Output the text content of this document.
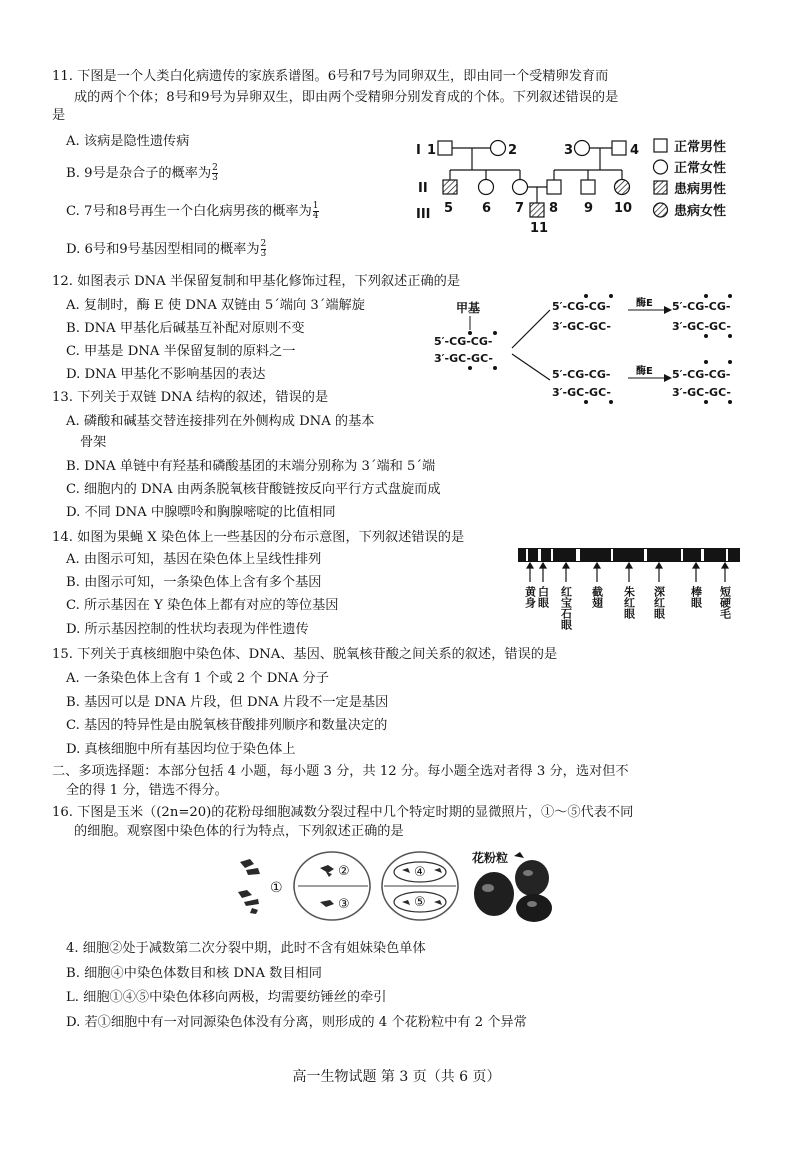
11. 下图是一个人类白化病遗传的家族系谱图。6号和7号为同卵双生，即由同一个受精卵发育而
成的两个个体；8号和9号为异卵双生，即由两个受精卵分别发育成的个体。下列叙述错误的是
是
A. 该病是隐性遗传病
B. 9号是杂合子的概率为 $\frac{2}{3}$
C. 7号和8号再生一个白化病男孩的概率为 $\frac{1}{4}$
D. 6号和9号基因型相同的概率为 $\frac{2}{3}$
I 1	2	3	4
II
5 6 7 8 9 10
III
11
正常男性
正常女性
患病男性
患病女性
12. 如图表示 DNA 半保留复制和甲基化修饰过程，下列叙述正确的是
A. 复制时，酶 E 使 DNA 双链由 5ˊ端向 3ˊ端解旋
B. DNA 甲基化后碱基互补配对原则不变
C. 甲基是 DNA 半保留复制的原料之一
D. DNA 甲基化不影响基因的表达
甲基
5′-CG-CG-
3′-GC-GC-
5′-CG-CG-
3′-GC-GC-
酶E 5′-CG-CG-
3′-GC-GC-
5′-CG-CG-
3′-GC-GC-
酶E 5′-CG-CG-
3′-GC-GC-
13. 下列关于双链 DNA 结构的叙述，错误的是
A. 磷酸和碱基交替连接排列在外侧构成 DNA 的基本
骨架
B. DNA 单链中有羟基和磷酸基团的末端分别称为 3ˊ端和 5ˊ端
C. 细胞内的 DNA 由两条脱氧核苷酸链按反向平行方式盘旋而成
D. 不同 DNA 中腺嘌呤和胸腺嘧啶的比值相同
14. 如图为果蝇 X 染色体上一些基因的分布示意图，下列叙述错误的是
A. 由图示可知，基因在染色体上呈线性排列
B. 由图示可知，一条染色体上含有多个基因
C. 所示基因在 Y 染色体上都有对应的等位基因
D. 所示基因控制的性状均表现为伴性遗传
黄身 白眼 红宝石眼 截翅 朱红眼 深红眼 棒眼 短硬毛
15. 下列关于真核细胞中染色体、DNA、基因、脱氧核苷酸之间关系的叙述，错误的是
A. 一条染色体上含有 1 个或 2 个 DNA 分子
B. 基因可以是 DNA 片段，但 DNA 片段不一定是基因
C. 基因的特异性是由脱氧核苷酸排列顺序和数量决定的
D. 真核细胞中所有基因均位于染色体上
二、多项选择题：本部分包括 4 小题，每小题 3 分，共 12 分。每小题全选对者得 3 分，选对但不
全的得 1 分，错选不得分。
16. 下图是玉米（(2n=20)的花粉母细胞减数分裂过程中几个特定时期的显微照片，①～⑤代表不同
的细胞。观察图中染色体的行为特点，下列叙述正确的是
①
②
③
④
⑤
花粉粒
4. 细胞②处于减数第二次分裂中期，此时不含有姐妹染色单体
B. 细胞④中染色体数目和核 DNA 数目相同
L. 细胞①④⑤中染色体移向两极，均需要纺锤丝的牵引
D. 若①细胞中有一对同源染色体没有分离，则形成的 4 个花粉粒中有 2 个异常
高一生物试题 第 3 页（共 6 页）
